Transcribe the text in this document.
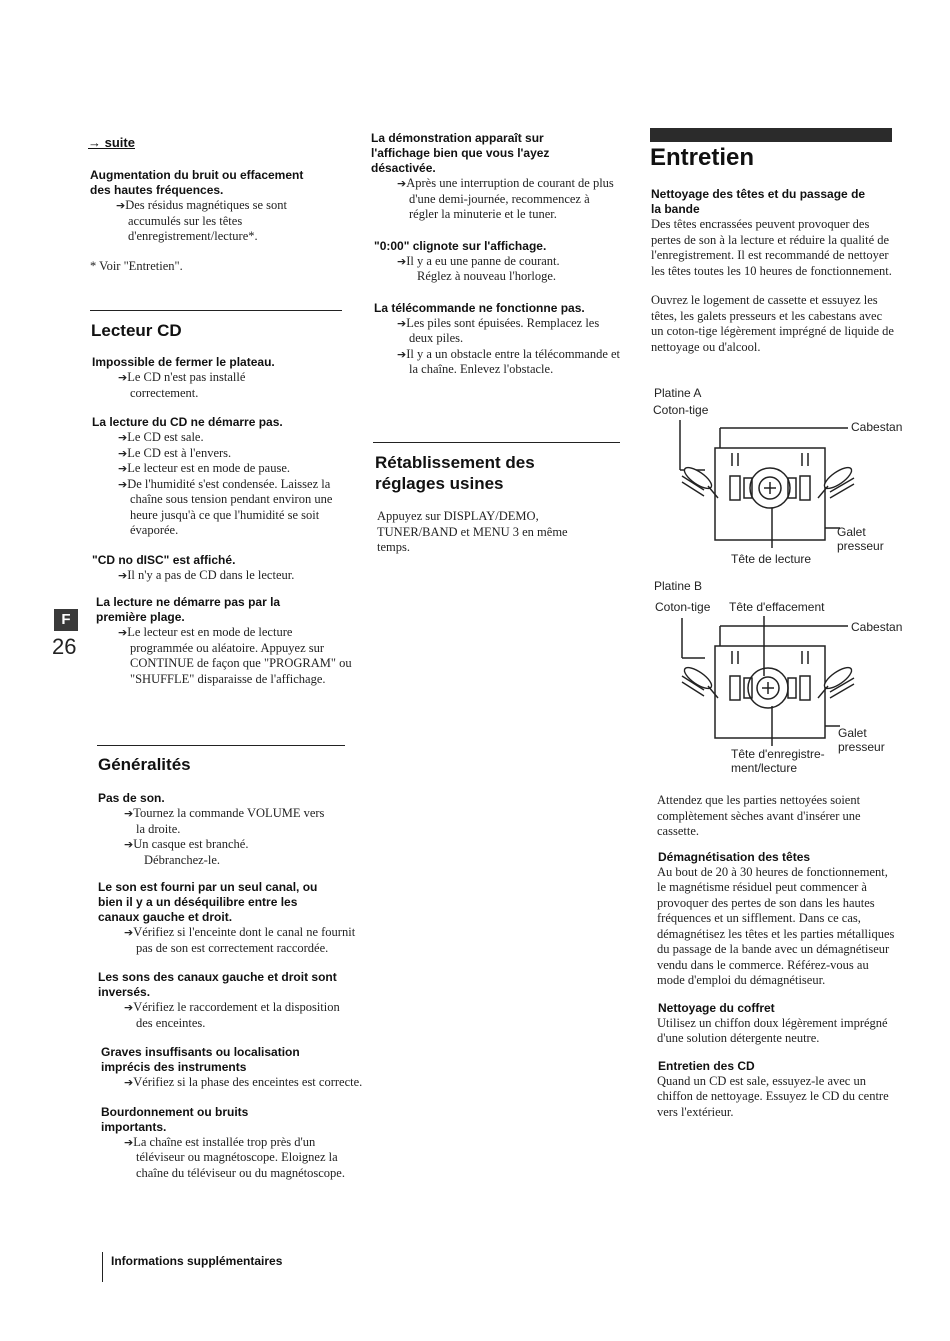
→ suite
Augmentation du bruit ou effacement des hautes fréquences.
➔Des résidus magnétiques se sont accumulés sur les têtes d'enregistrement/lecture*.
* Voir "Entretien".
Lecteur CD
Impossible de fermer le plateau.
➔Le CD n'est pas installé correctement.
La lecture du CD ne démarre pas.
➔Le CD est sale.
➔Le CD est à l'envers.
➔Le lecteur est en mode de pause.
➔De l'humidité s'est condensée. Laissez la chaîne sous tension pendant environ une heure jusqu'à ce que l'humidité se soit évaporée.
"CD no dISC" est affiché.
➔Il n'y a pas de CD dans le lecteur.
La lecture ne démarre pas par la première plage.
➔Le lecteur est en mode de lecture programmée ou aléatoire. Appuyez sur CONTINUE de façon que "PROGRAM" ou "SHUFFLE" disparaisse de l'affichage.
F
26
Généralités
Pas de son.
➔Tournez la commande VOLUME vers la droite.
➔Un casque est branché.
Débranchez-le.
Le son est fourni par un seul canal, ou bien il y a un déséquilibre entre les canaux gauche et droit.
➔Vérifiez si l'enceinte dont le canal ne fournit pas de son est correctement raccordée.
Les sons des canaux gauche et droit sont inversés.
➔Vérifiez le raccordement et la disposition des enceintes.
Graves insuffisants ou localisation imprécis des instruments
➔Vérifiez si la phase des enceintes est correcte.
Bourdonnement ou bruits importants.
➔La chaîne est installée trop près d'un téléviseur ou magnétoscope. Eloignez la chaîne du téléviseur ou du magnétoscope.
Informations supplémentaires
La démonstration apparaît sur l'affichage bien que vous l'ayez désactivée.
➔Après une interruption de courant de plus d'une demi-journée, recommencez à régler la minuterie et le tuner.
"0:00" clignote sur l'affichage.
➔Il y a eu une panne de courant.
Réglez à nouveau l'horloge.
La télécommande ne fonctionne pas.
➔Les piles sont épuisées. Remplacez les deux piles.
➔Il y a un obstacle entre la télécommande et la chaîne. Enlevez l'obstacle.
Rétablissement des réglages usines
Appuyez sur DISPLAY/DEMO, TUNER/BAND et MENU 3 en même temps.
Entretien
Nettoyage des têtes et du passage de la bande
Des têtes encrassées peuvent provoquer des pertes de son à la lecture et réduire la qualité de l'enregistrement. Il est recommandé de nettoyer les têtes toutes les 10 heures de fonctionnement.
Ouvrez le logement de cassette et essuyez les têtes, les galets presseurs et les cabestans avec un coton-tige légèrement imprégné de liquide de nettoyage ou d'alcool.
Platine A
Coton-tige
Cabestan
Galet
presseur
Tête de lecture
Platine B
Coton-tige Tête d'effacement
Cabestan
Galet
presseur
Tête d'enregistre-
ment/lecture
Attendez que les parties nettoyées soient complètement sèches avant d'insérer une cassette.
Démagnétisation des têtes
Au bout de 20 à 30 heures de fonctionnement, le magnétisme résiduel peut commencer à provoquer des pertes de son dans les hautes fréquences et un sifflement. Dans ce cas, démagnétisez les têtes et les parties métalliques du passage de la bande avec un démagnétiseur vendu dans le commerce. Référez-vous au mode d'emploi du démagnétiseur.
Nettoyage du coffret
Utilisez un chiffon doux légèrement imprégné d'une solution détergente neutre.
Entretien des CD
Quand un CD est sale, essuyez-le avec un chiffon de nettoyage. Essuyez le CD du centre vers l'extérieur.
